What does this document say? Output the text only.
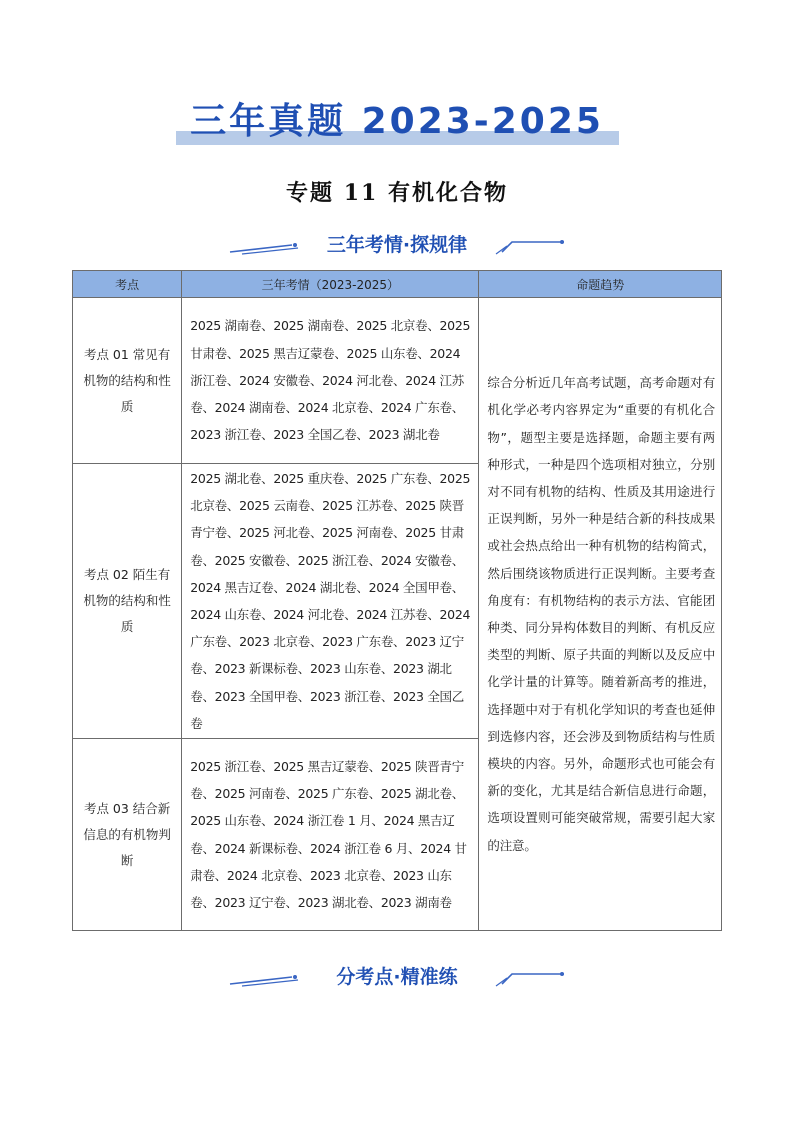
三年真题 2023-2025
专题 11 有机化合物
三年考情·探规律
考点	三年考情（2023-2025）	命题趋势
考点 01 常见有机物的结构和性质	2025 湖南卷、2025 湖南卷、2025 北京卷、2025 甘肃卷、2025 黑吉辽蒙卷、2025 山东卷、2024 浙江卷、2024 安徽卷、2024 河北卷、2024 江苏卷、2024 湖南卷、2024 北京卷、2024 广东卷、2023 浙江卷、2023 全国乙卷、2023 湖北卷	综合分析近几年高考试题，高考命题对有机化学必考内容界定为“重要的有机化合物”，题型主要是选择题，命题主要有两种形式，一种是四个选项相对独立，分别对不同有机物的结构、性质及其用途进行正误判断，另外一种是结合新的科技成果或社会热点给出一种有机物的结构简式，然后围绕该物质进行正误判断。主要考查角度有：有机物结构的表示方法、官能团种类、同分异构体数目的判断、有机反应类型的判断、原子共面的判断以及反应中化学计量的计算等。随着新高考的推进，选择题中对于有机化学知识的考查也延伸到选修内容，还会涉及到物质结构与性质模块的内容。另外，命题形式也可能会有新的变化，尤其是结合新信息进行命题，选项设置则可能突破常规，需要引起大家的注意。
考点 02 陌生有机物的结构和性质	2025 湖北卷、2025 重庆卷、2025 广东卷、2025 北京卷、2025 云南卷、2025 江苏卷、2025 陕晋青宁卷、2025 河北卷、2025 河南卷、2025 甘肃卷、2025 安徽卷、2025 浙江卷、2024 安徽卷、2024 黑吉辽卷、2024 湖北卷、2024 全国甲卷、2024 山东卷、2024 河北卷、2024 江苏卷、2024 广东卷、2023 北京卷、2023 广东卷、2023 辽宁卷、2023 新课标卷、2023 山东卷、2023 湖北卷、2023 全国甲卷、2023 浙江卷、2023 全国乙卷	
考点 03 结合新信息的有机物判断	2025 浙江卷、2025 黑吉辽蒙卷、2025 陕晋青宁卷、2025 河南卷、2025 广东卷、2025 湖北卷、2025 山东卷、2024 浙江卷 1 月、2024 黑吉辽卷、2024 新课标卷、2024 浙江卷 6 月、2024 甘肃卷、2024 北京卷、2023 北京卷、2023 山东卷、2023 辽宁卷、2023 湖北卷、2023 湖南卷	
分考点·精准练
